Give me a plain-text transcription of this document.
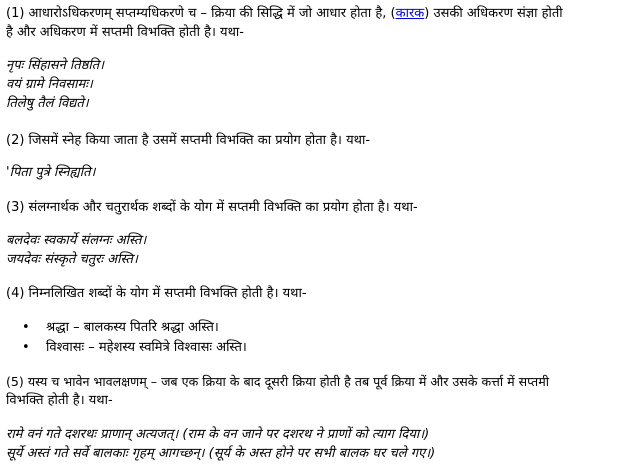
(1) आधारोऽधिकरणम् सप्तम्यधिकरणे च – क्रिया की सिद्धि में जो आधार होता है, (कारक) उसकी अधिकरण संज्ञा होती
है और अधिकरण में सप्तमी विभक्ति होती है। यथा-
नृपः सिंहासने तिष्ठति।
वयं ग्रामे निवसामः।
तिलेषु तैलं विद्यते।
(2) जिसमें स्नेह किया जाता है उसमें सप्तमी विभक्ति का प्रयोग होता है। यथा-
'पिता पुत्रे स्निह्यति।
(3) संलग्नार्थक और चतुरार्थक शब्दों के योग में सप्तमी विभक्ति का प्रयोग होता है। यथा-
बलदेवः स्वकार्ये संलग्नः अस्ति।
जयदेवः संस्कृते चतुरः अस्ति।
(4) निम्नलिखित शब्दों के योग में सप्तमी विभक्ति होती है। यथा-
• श्रद्धा – बालकस्य पितरि श्रद्धा अस्ति।
• विश्वासः – महेशस्य स्वमित्रे विश्वासः अस्ति।
(5) यस्य च भावेन भावलक्षणम् – जब एक क्रिया के बाद दूसरी क्रिया होती है तब पूर्व क्रिया में और उसके कर्त्ता में सप्तमी
विभक्ति होती है। यथा-
रामे वनं गते दशरथः प्राणान् अत्यजत्। (राम के वन जाने पर दशरथ ने प्राणों को त्याग दिया।)
सूर्ये अस्तं गते सर्वे बालकाः गृहम् आगच्छन्। (सूर्य के अस्त होने पर सभी बालक घर चले गए।)
